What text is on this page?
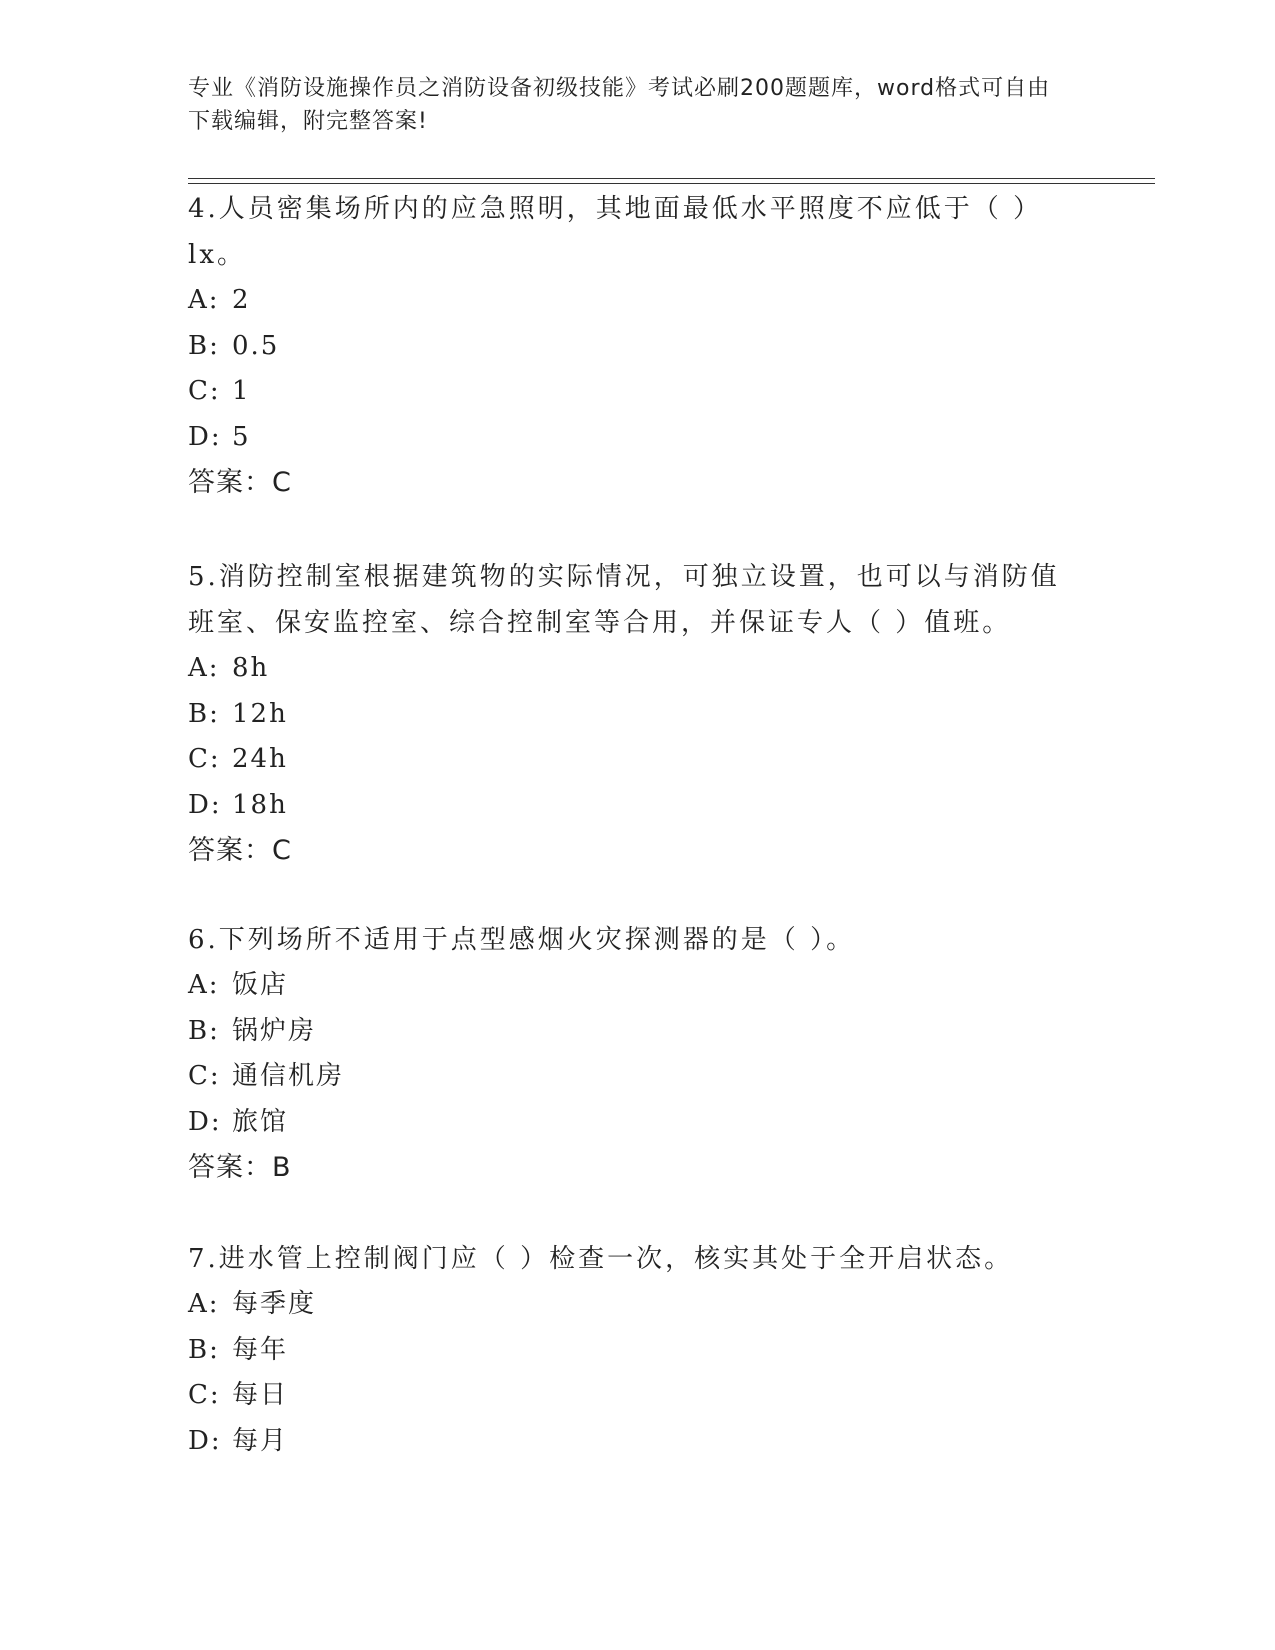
专业《消防设施操作员之消防设备初级技能》考试必刷200题题库，word格式可自由下载编辑，附完整答案!
4.人员密集场所内的应急照明，其地面最低水平照度不应低于（ ）lx。
A: 2
B: 0.5
C: 1
D: 5
答案：C
5.消防控制室根据建筑物的实际情况，可独立设置，也可以与消防值班室、保安监控室、综合控制室等合用，并保证专人（ ）值班。
A: 8h
B: 12h
C: 24h
D: 18h
答案：C
6.下列场所不适用于点型感烟火灾探测器的是（ ）。
A: 饭店
B: 锅炉房
C: 通信机房
D: 旅馆
答案：B
7.进水管上控制阀门应（ ）检查一次，核实其处于全开启状态。
A: 每季度
B: 每年
C: 每日
D: 每月
